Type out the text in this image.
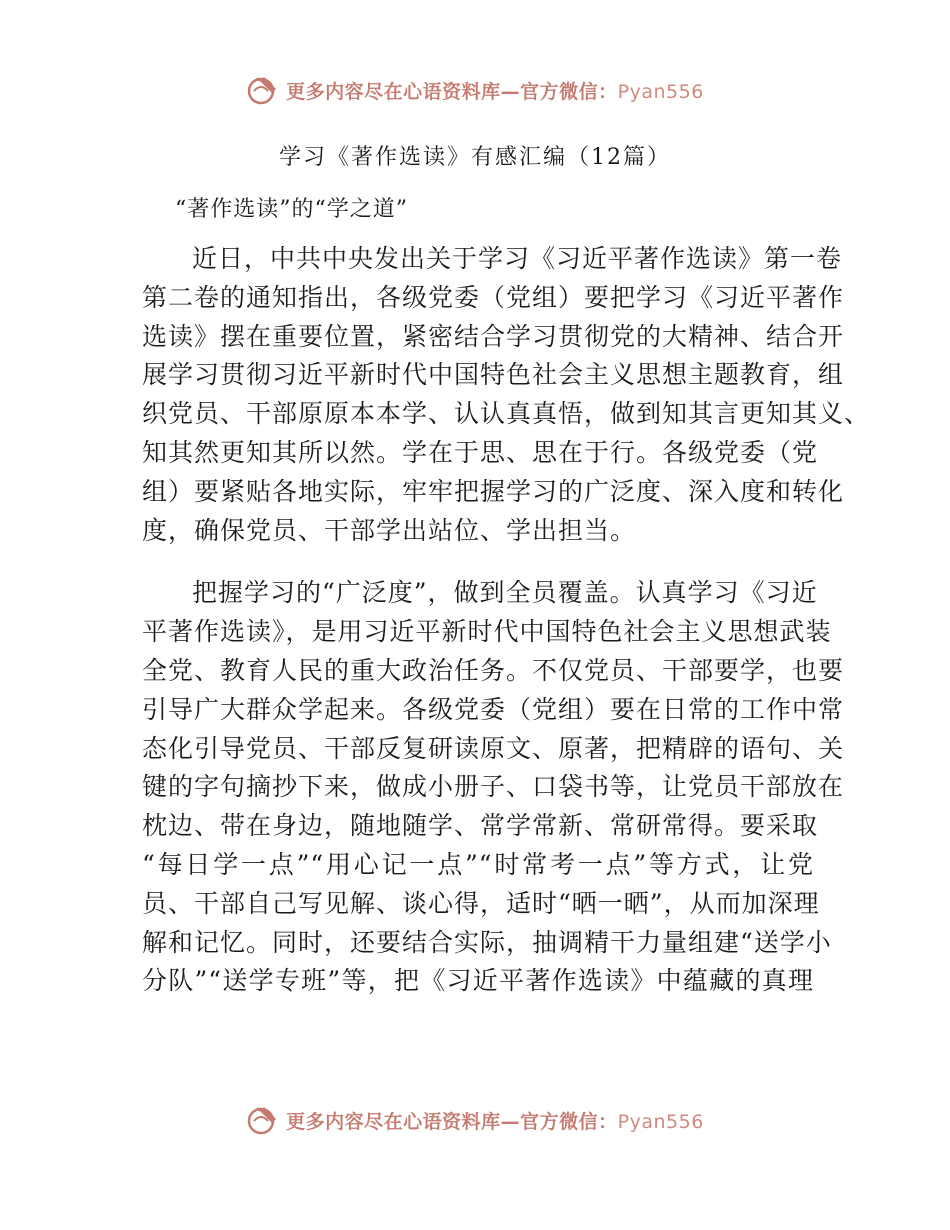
更多内容尽在心语资料库—官方微信：Pyan556
学习《著作选读》有感汇编（12篇）
“著作选读”的“学之道”
近日，中共中央发出关于学习《习近平著作选读》第一卷
第二卷的通知指出，各级党委（党组）要把学习《习近平著作
选读》摆在重要位置，紧密结合学习贯彻党的大精神、结合开
展学习贯彻习近平新时代中国特色社会主义思想主题教育，组
织党员、干部原原本本学、认认真真悟，做到知其言更知其义、
知其然更知其所以然。学在于思、思在于行。各级党委（党
组）要紧贴各地实际，牢牢把握学习的广泛度、深入度和转化
度，确保党员、干部学出站位、学出担当。
把握学习的“广泛度”，做到全员覆盖。认真学习《习近
平著作选读》，是用习近平新时代中国特色社会主义思想武装
全党、教育人民的重大政治任务。不仅党员、干部要学，也要
引导广大群众学起来。各级党委（党组）要在日常的工作中常
态化引导党员、干部反复研读原文、原著，把精辟的语句、关
键的字句摘抄下来，做成小册子、口袋书等，让党员干部放在
枕边、带在身边，随地随学、常学常新、常研常得。要采取
“每日学一点”“用心记一点”“时常考一点”等方式，让党
员、干部自己写见解、谈心得，适时“晒一晒”，从而加深理
解和记忆。同时，还要结合实际，抽调精干力量组建“送学小
分队”“送学专班”等，把《习近平著作选读》中蕴藏的真理
更多内容尽在心语资料库—官方微信：Pyan556
